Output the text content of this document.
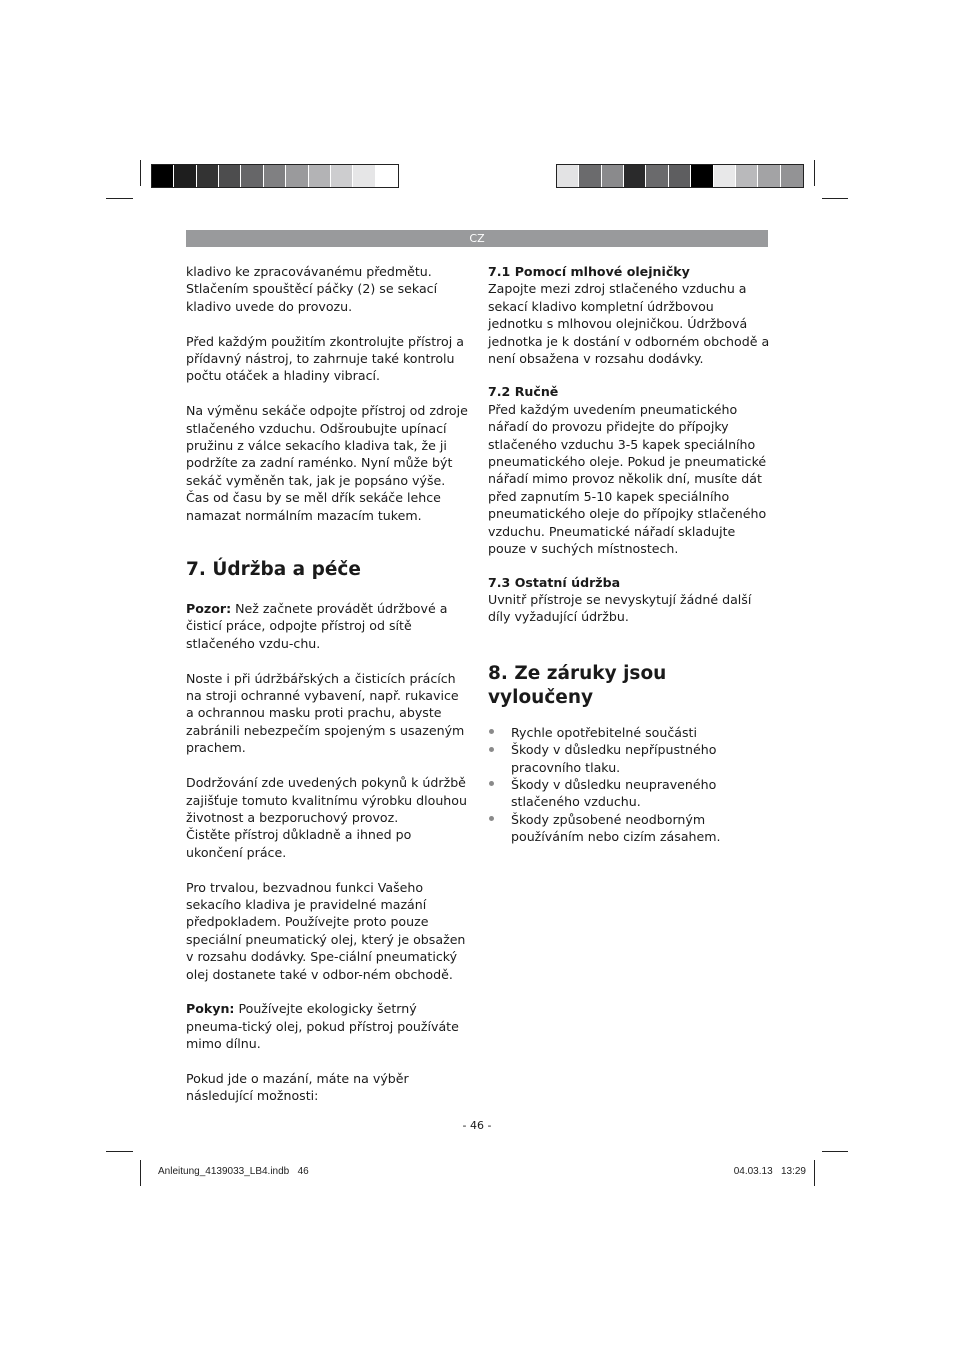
CZ

kladivo ke zpracovávanému předmětu. Stlačením spouštěcí páčky (2) se sekací kladivo uvede do provozu.

Před každým použitím zkontrolujte přístroj a přídavný nástroj, to zahrnuje také kontrolu počtu otáček a hladiny vibrací.

Na výměnu sekáče odpojte přístroj od zdroje stlačeného vzduchu. Odšroubujte upínací pružinu z válce sekacího kladiva tak, že ji podržíte za zadní raménko. Nyní může být sekáč vyměněn tak, jak je popsáno výše.

Čas od času by se měl dřík sekáče lehce namazat normálním mazacím tukem.

7. Údržba a péče

Pozor: Než začnete provádět údržbové a čisticí práce, odpojte přístroj od sítě stlačeného vzdu-chu.

Noste i při údržbářských a čisticích prácích na stroji ochranné vybavení, např. rukavice a ochrannou masku proti prachu, abyste zabránili nebezpečím spojeným s usazeným prachem.

Dodržování zde uvedených pokynů k údržbě zajišťuje tomuto kvalitnímu výrobku dlouhou životnost a bezporuchový provoz.

Čistěte přístroj důkladně a ihned po ukončení práce.

Pro trvalou, bezvadnou funkci Vašeho sekacího kladiva je pravidelné mazání předpokladem. Používejte proto pouze speciální pneumatický olej, který je obsažen v rozsahu dodávky. Spe-ciální pneumatický olej dostanete také v odbor-ném obchodě.

Pokyn: Používejte ekologicky šetrný pneuma-tický olej, pokud přístroj používáte mimo dílnu.

Pokud jde o mazání, máte na výběr následující možnosti:

7.1 Pomocí mlhové olejničky

Zapojte mezi zdroj stlačeného vzduchu a sekací kladivo kompletní údržbovou jednotku s mlhovou olejničkou. Údržbová jednotka je k dostání v odborném obchodě a není obsažena v rozsahu dodávky.

7.2 Ručně

Před každým uvedením pneumatického nářadí do provozu přidejte do přípojky stlačeného vzduchu 3-5 kapek speciálního pneumatického oleje. Pokud je pneumatické nářadí mimo provoz několik dní, musíte dát před zapnutím 5-10 kapek speciálního pneumatického oleje do přípojky stlačeného vzduchu. Pneumatické nářadí skladujte pouze v suchých místnostech.

7.3 Ostatní údržba

Uvnitř přístroje se nevyskytují žádné další díly vyžadující údržbu.

8. Ze záruky jsou vyloučeny

Rychle opotřebitelné součásti
Škody v důsledku nepřípustného pracovního tlaku.
Škody v důsledku neupraveného stlačeného vzduchu.
Škody způsobené neodborným používáním nebo cizím zásahem.
- 46 -
Anleitung_4139033_LB4.indb   46	04.03.13   13:29
